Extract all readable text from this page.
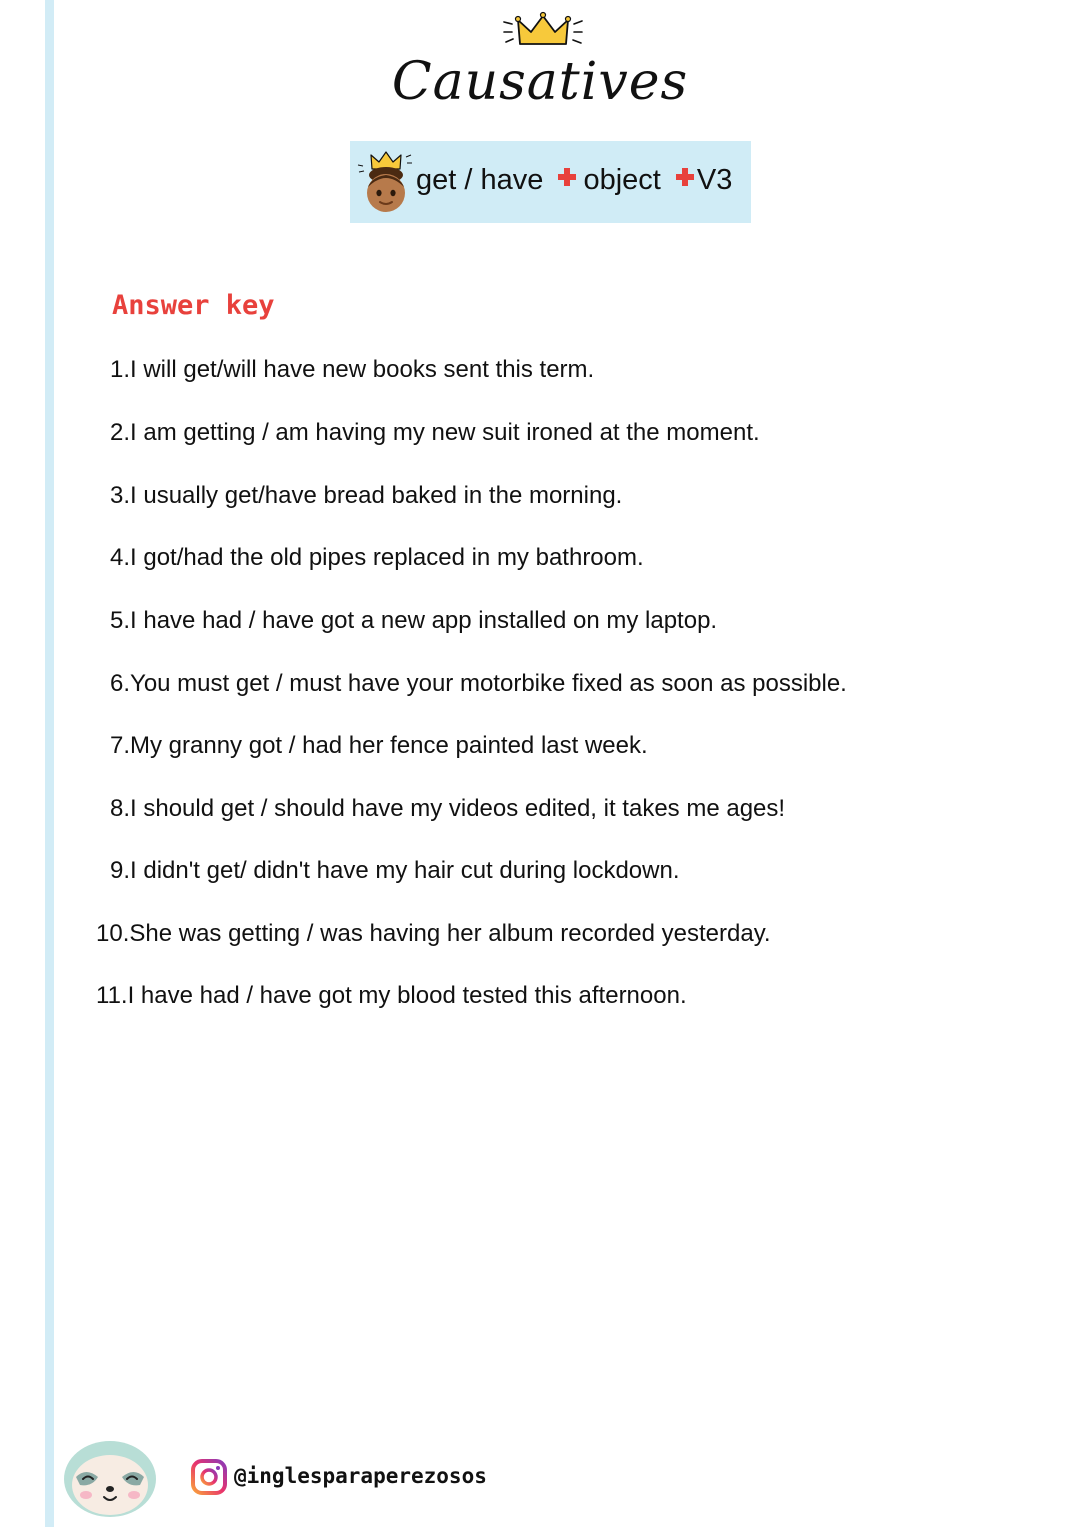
Causatives
get / have object V3
Answer key
1.I will get/will have new books sent this term.
2.I am getting / am having my new suit ironed at the moment.
3.I usually get/have bread baked in the morning.
4.I got/had the old pipes replaced in my bathroom.
5.I have had / have got a new app installed on my laptop.
6.You must get / must have your motorbike fixed as soon as possible.
7.My granny got / had her fence painted last week.
8.I should get / should have my videos edited, it takes me ages!
9.I didn't get/ didn't have my hair cut during lockdown.
10.She was getting / was having her album recorded yesterday.
11.I have had / have got my blood tested this afternoon.
@inglesparaperezosos
